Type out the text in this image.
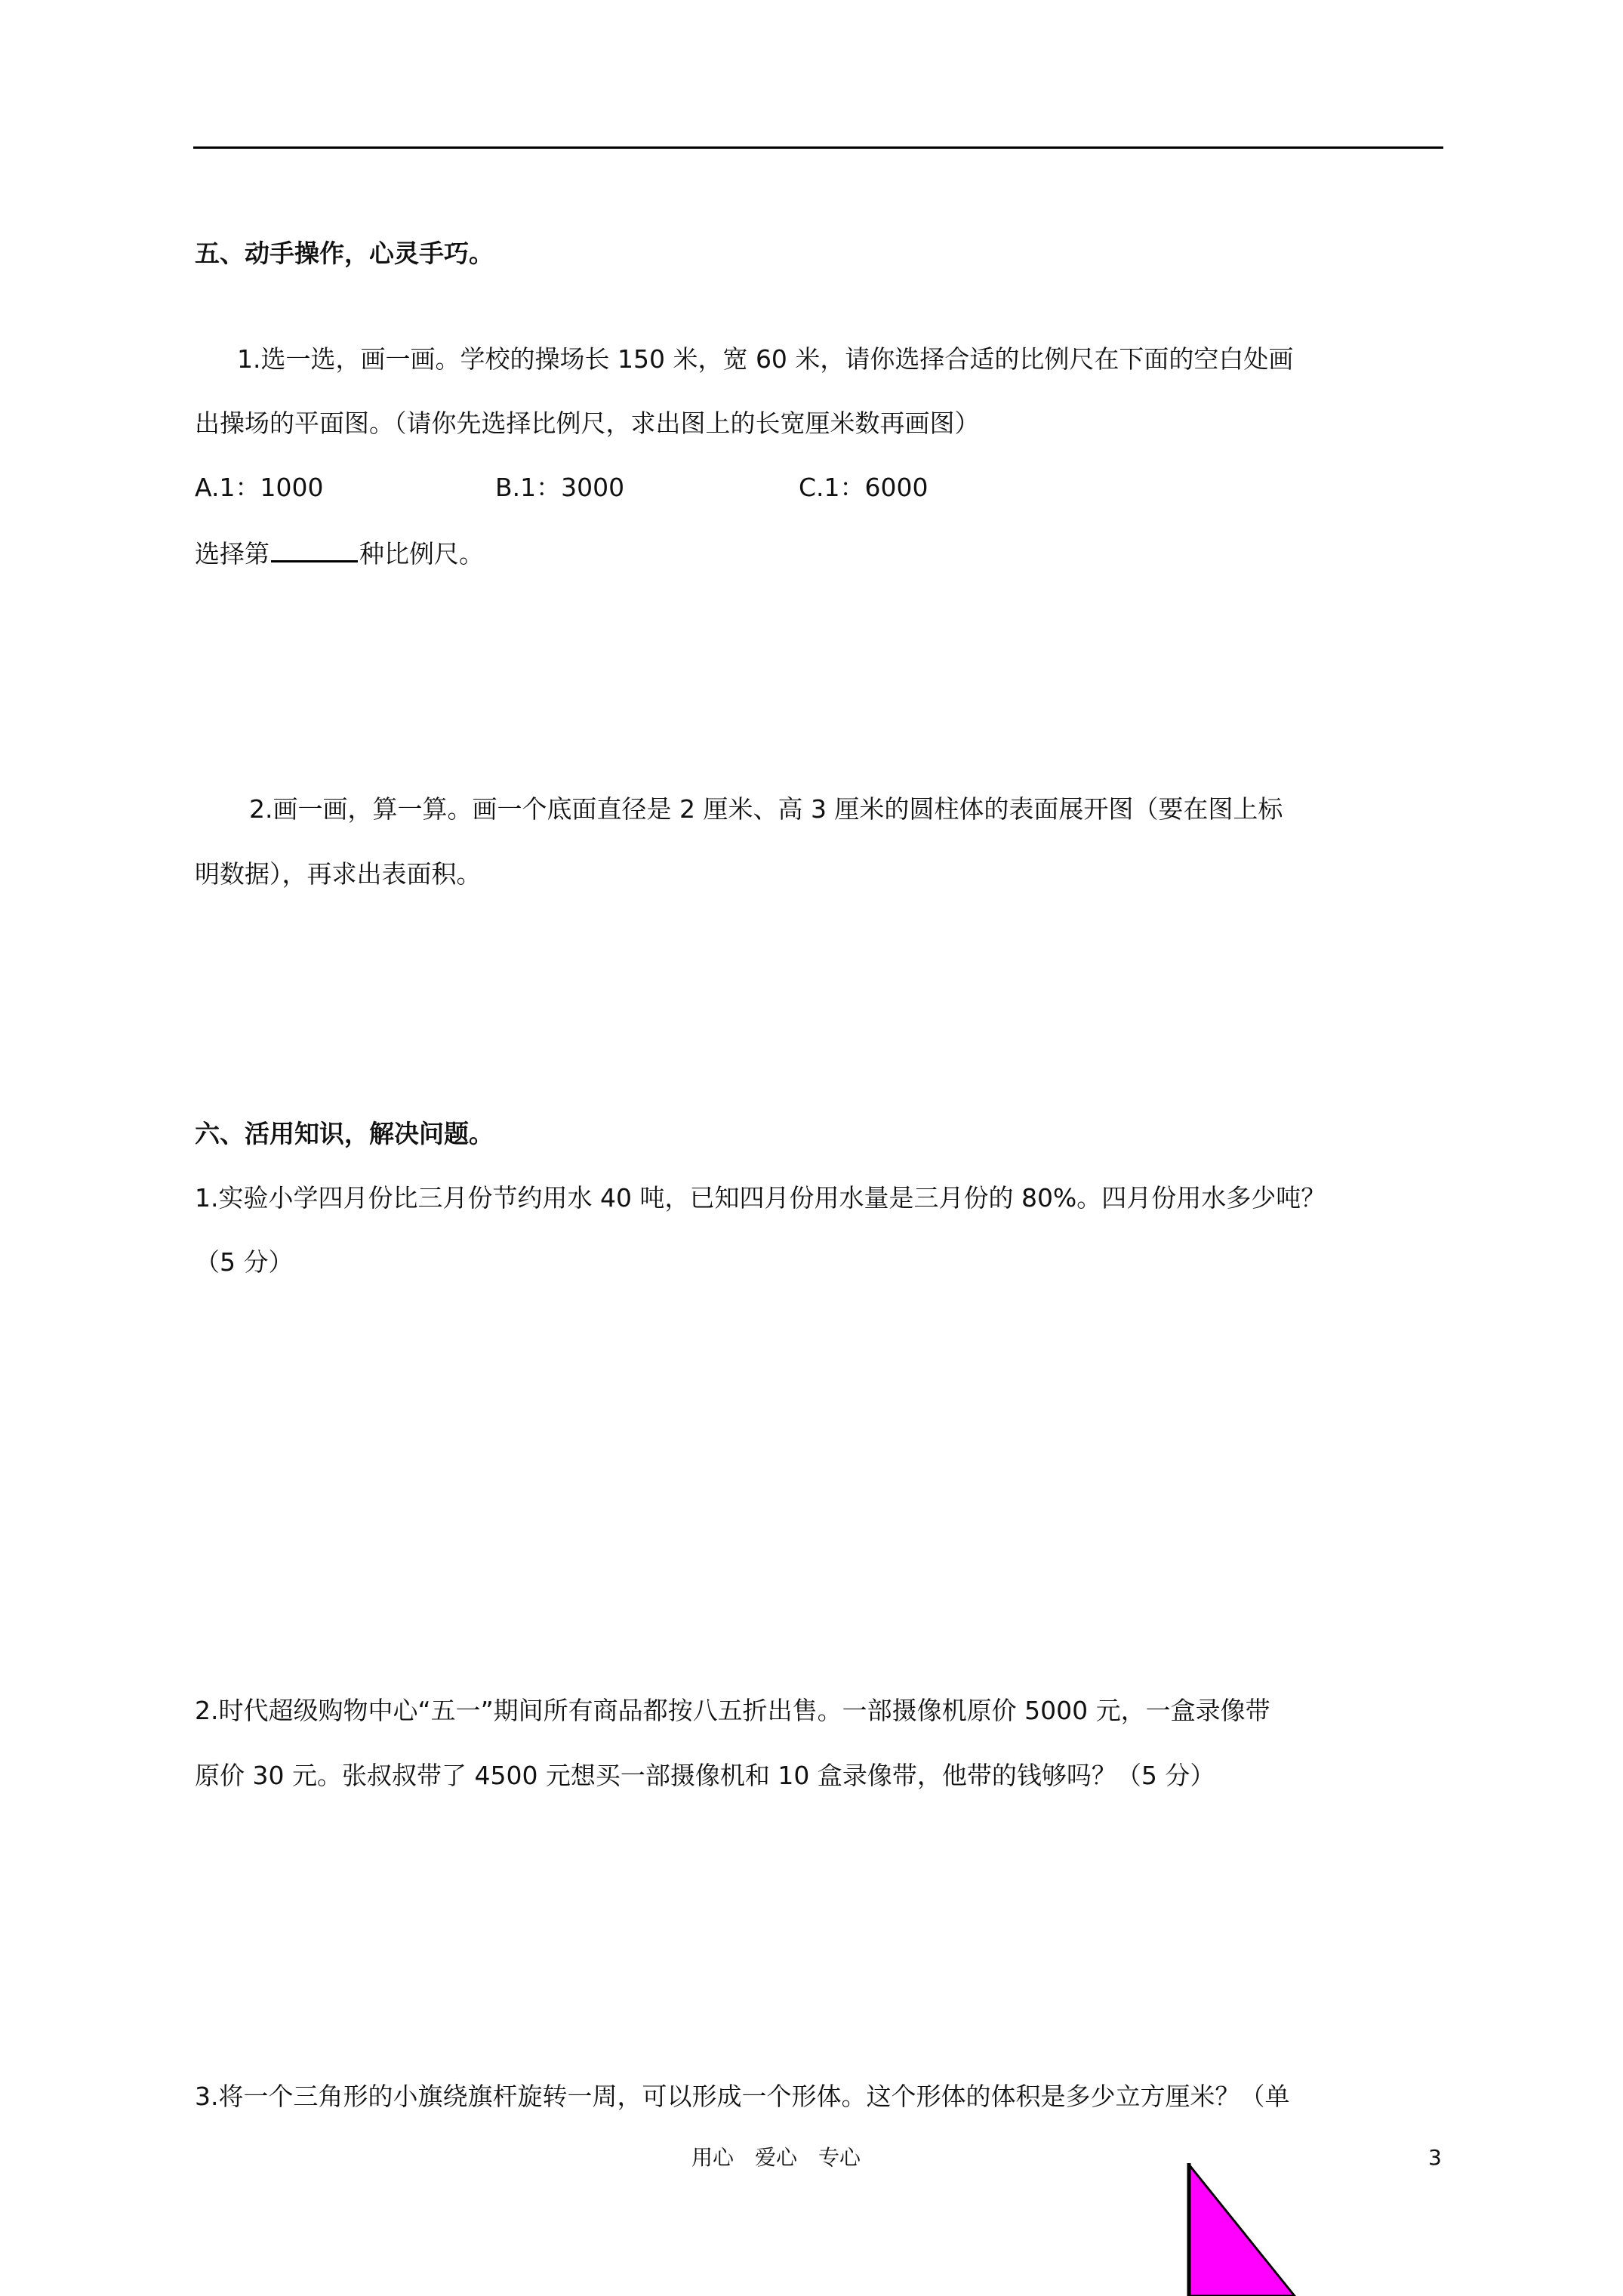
五、动手操作，心灵手巧。
1.选一选，画一画。学校的操场长 150 米，宽 60 米，请你选择合适的比例尺在下面的空白处画
出操场的平面图。（请你先选择比例尺，求出图上的长宽厘米数再画图）
A.1：1000	B.1：3000	C.1：6000
选择第	种比例尺。
2.画一画，算一算。画一个底面直径是 2 厘米、高 3 厘米的圆柱体的表面展开图（要在图上标
明数据），再求出表面积。
六、活用知识，解决问题。
1.实验小学四月份比三月份节约用水 40 吨，已知四月份用水量是三月份的 80%。四月份用水多少吨？
（5 分）
2.时代超级购物中心“五一”期间所有商品都按八五折出售。一部摄像机原价 5000 元，一盒录像带
原价 30 元。张叔叔带了 4500 元想买一部摄像机和 10 盒录像带，他带的钱够吗？（5 分）
3.将一个三角形的小旗绕旗杆旋转一周，可以形成一个形体。这个形体的体积是多少立方厘米？（单
用心　爱心　专心	3
